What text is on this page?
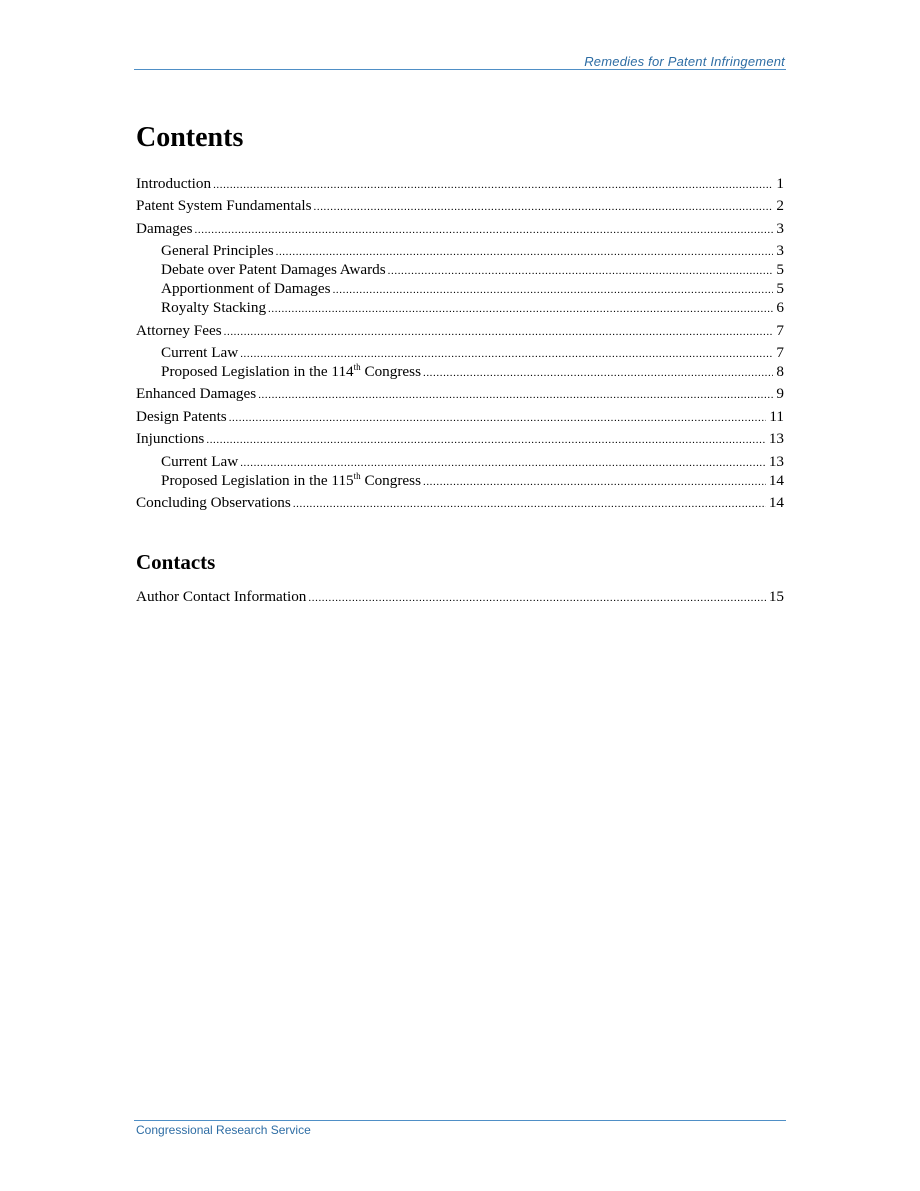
Remedies for Patent Infringement
Contents
Introduction .....	1
Patent System Fundamentals .....	2
Damages .....	3
General Principles .....	3
Debate over Patent Damages Awards .....	5
Apportionment of Damages .....	5
Royalty Stacking .....	6
Attorney Fees .....	7
Current Law .....	7
Proposed Legislation in the 114th Congress .....	8
Enhanced Damages .....	9
Design Patents .....	11
Injunctions .....	13
Current Law .....	13
Proposed Legislation in the 115th Congress .....	14
Concluding Observations .....	14
Contacts
Author Contact Information .....	15
Congressional Research Service
